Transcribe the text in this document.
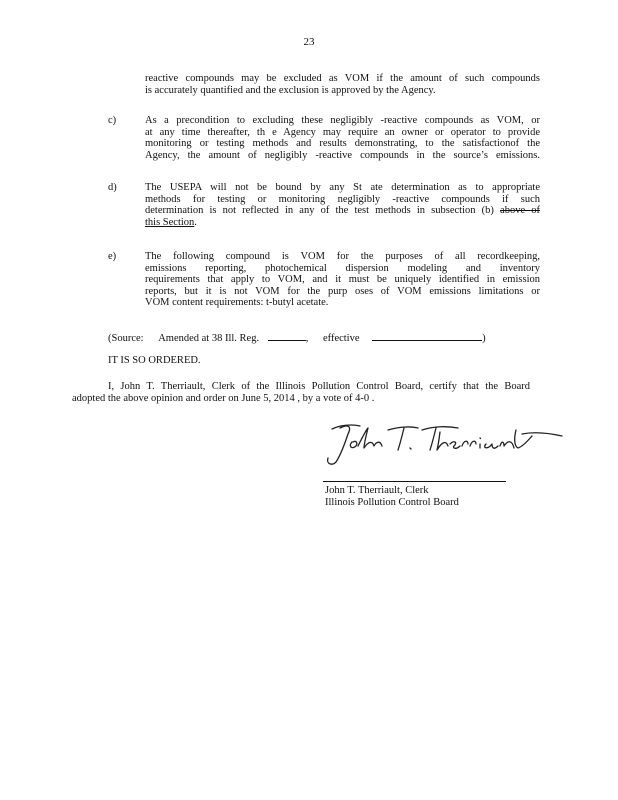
23
reactive compounds may be excluded as VOM if the amount of such compounds
is accurately quantified and the exclusion is approved by the Agency.
c)	As a precondition to excluding these negligibly -reactive compounds as VOM, or
at any time thereafter, th e Agency may require an owner or operator to provide
monitoring or testing methods and results demonstrating, to the satisfactionof the
Agency, the amount of negligibly -reactive compounds in the source’s emissions.
d)	The USEPA will not be bound by any St ate determination as to appropriate
methods for testing or monitoring negligibly -reactive compounds if such
determination is not reflected in any of the test methods in subsection (b) above of
this Section.
e)	The following compound is VOM for the purposes of all recordkeeping,
emissions reporting, photochemical dispersion modeling and inventory
requirements that apply to VOM, and it must be uniquely identified in emission
reports, but it is not VOM for the purp oses of VOM emissions limitations or
VOM content requirements: t-butyl acetate.
(Source: Amended at 38 Ill. Reg.	, effective	)
IT IS SO ORDERED.
I, John T. Therriault, Clerk of the Illinois Pollution Control Board, certify that the Board
adopted the above opinion and order on June 5, 2014 , by a vote of 4-0 .
John T. Therriault, Clerk
Illinois Pollution Control Board
